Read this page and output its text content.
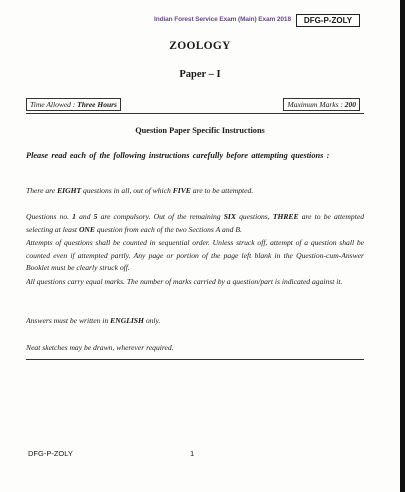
Indian Forest Service Exam (Main) Exam 2018	DFG-P-ZOLY
ZOOLOGY
Paper – I
Time Allowed : Three Hours	Maximum Marks : 200
Question Paper Specific Instructions
Please read each of the following instructions carefully before attempting questions :
There are EIGHT questions in all, out of which FIVE are to be attempted.
Questions no. 1 and 5 are compulsory. Out of the remaining SIX questions, THREE are to be attempted selecting at least ONE question from each of the two Sections A and B.
Attempts of questions shall be counted in sequential order. Unless struck off, attempt of a question shall be counted even if attempted partly. Any page or portion of the page left blank in the Question-cum-Answer Booklet must be clearly struck off.
All questions carry equal marks. The number of marks carried by a question/part is indicated against it.
Answers must be written in ENGLISH only.
Neat sketches may be drawn, wherever required.
DFG-P-ZOLY	1
